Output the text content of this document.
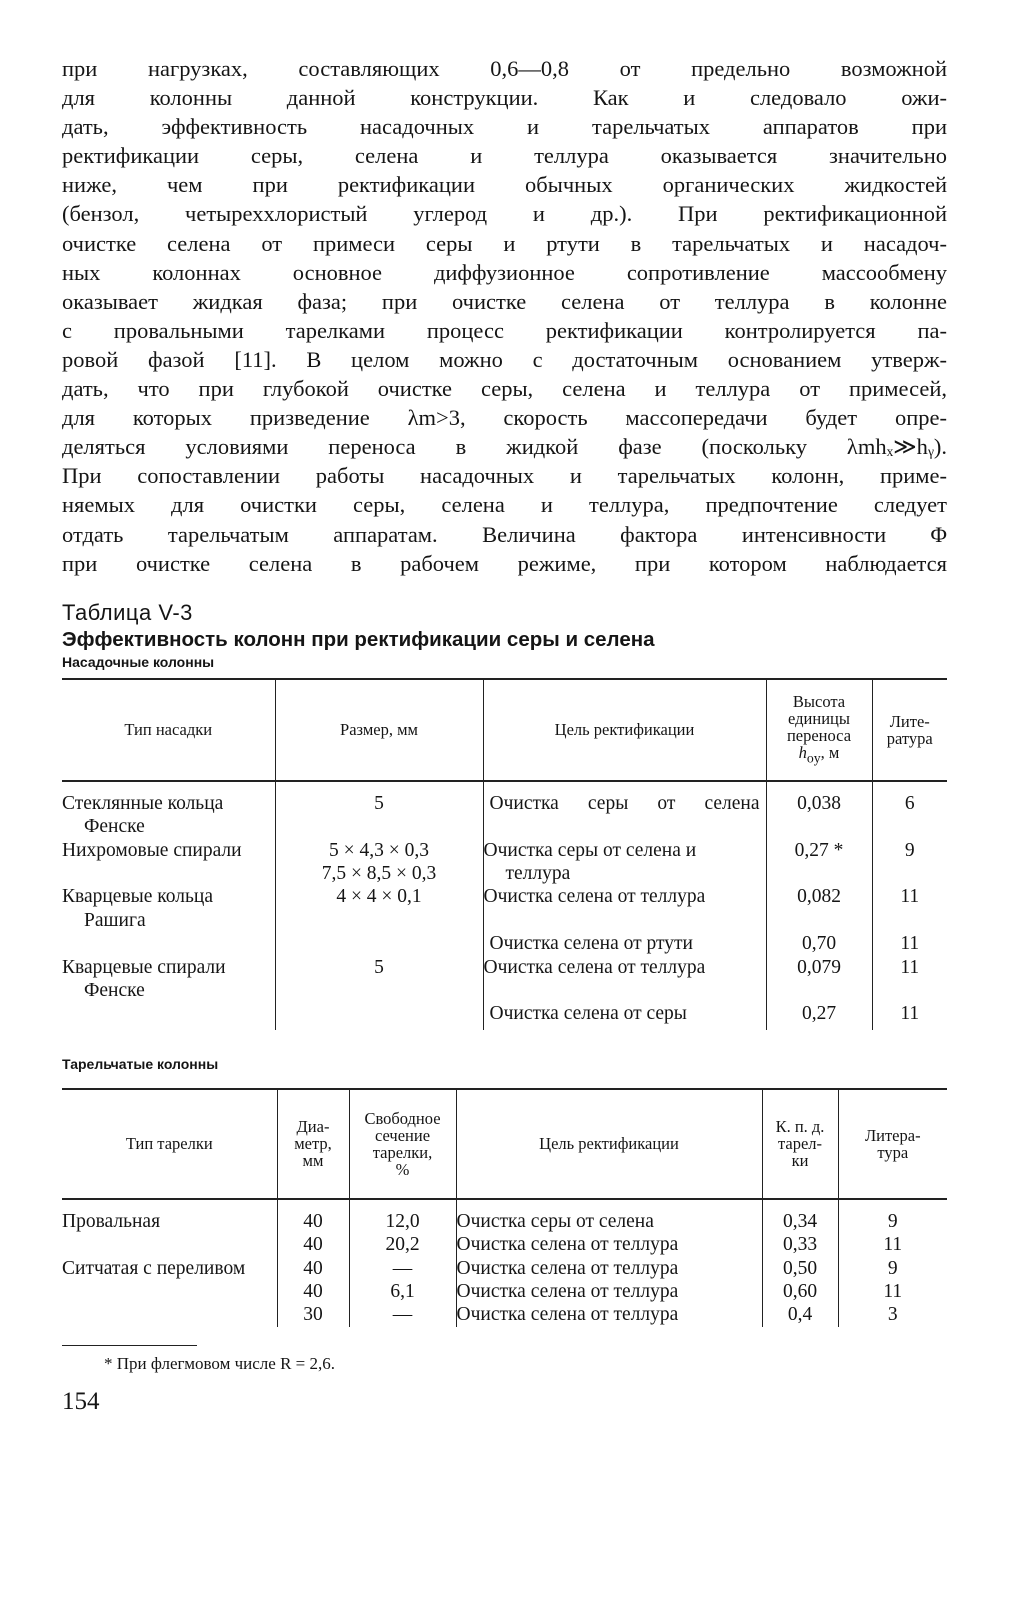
при нагрузках, составляющих 0,6—0,8 от предельно возможной

для колонны данной конструкции. Как и следовало ожи-

дать, эффективность насадочных и тарельчатых аппаратов при

ректификации серы, селена и теллура оказывается значительно

ниже, чем при ректификации обычных органических жидкостей

(бензол, четыреххлористый углерод и др.). При ректификационной

очистке селена от примеси серы и ртути в тарельчатых и насадоч-

ных колоннах основное диффузионное сопротивление массообмену

оказывает жидкая фаза; при очистке селена от теллура в колонне

с провальными тарелками процесс ректификации контролируется па-

ровой фазой [11]. В целом можно с достаточным основанием утверж-

дать, что при глубокой очистке серы, селена и теллура от примесей,

для которых призведение λm>3, скорость массопередачи будет опре-

деляться условиями переноса в жидкой фазе (поскольку λmhₓ≫hᵧ).

При сопоставлении работы насадочных и тарельчатых колонн, приме-

няемых для очистки серы, селена и теллура, предпочтение следует

отдать тарельчатым аппаратам. Величина фактора интенсивности Φ

при очистке селена в рабочем режиме, при котором наблюдается

Таблица V-3
Эффективность колонн при ректификации серы и селена
Насадочные колонны
Тип насадки	Размер, мм	Цель ректификации	Высота
единицы
переноса
$h_{oy}$, м	Лите-
ратура
Стеклянные кольца Фенске	5	Очистка серы от селена	0,038	6
Нихромовые спирали	5 × 4,3 × 0,3
7,5 × 8,5 × 0,3	Очистка серы от селена и теллура	0,27 *	9
Кварцевые кольца Рашига	4 × 4 × 0,1	Очистка селена от теллура	0,082	11
		Очистка селена от ртути	0,70	11
Кварцевые спирали Фенске	5	Очистка селена от теллура	0,079	11
		Очистка селена от серы	0,27	11
Тарельчатые колонны
Тип тарелки	Диа-
метр,
мм	Свободное
сечение
тарелки,
%	Цель ректификации	К. п. д.
тарел-
ки	Литера-
тура
Провальная	40	12,0	Очистка серы от селена	0,34	9
	40	20,2	Очистка селена от теллура	0,33	11
Ситчатая с переливом	40	—	Очистка селена от теллура	0,50	9
	40	6,1	Очистка селена от теллура	0,60	11
	30	—	Очистка селена от теллура	0,4	3
* При флегмовом числе R = 2,6.
154
